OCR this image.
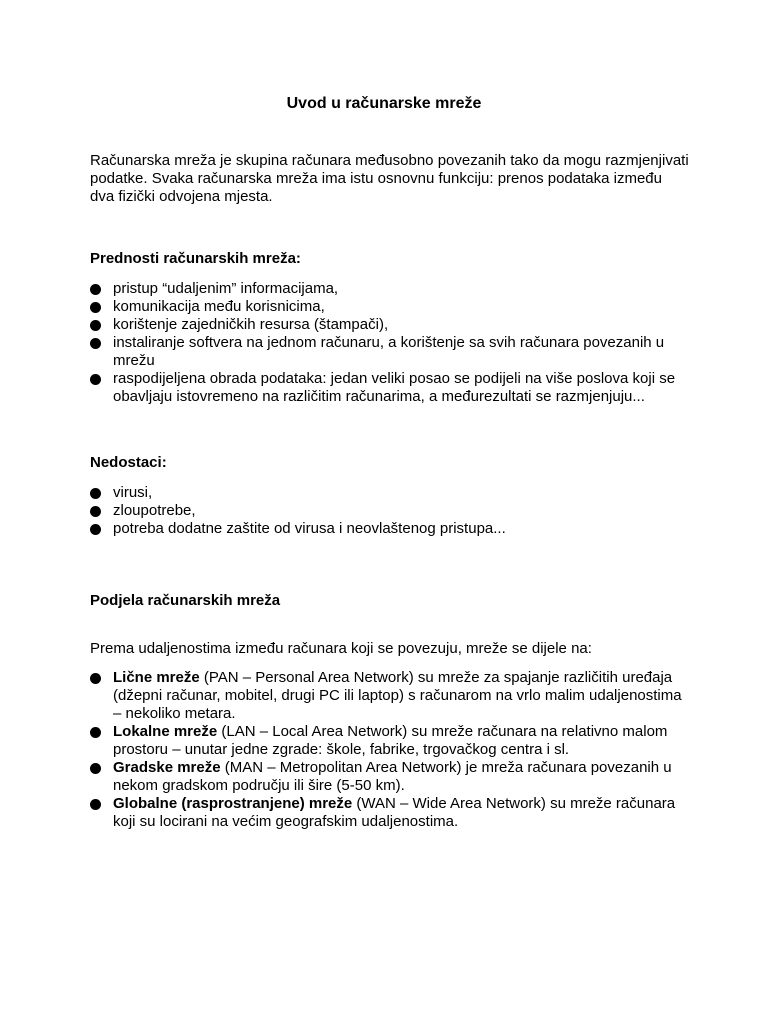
Uvod u računarske mreže

Računarska mreža je skupina računara međusobno povezanih tako da mogu razmjenjivati podatke. Svaka računarska mreža ima istu osnovnu funkciju: prenos podataka između dva fizički odvojena mjesta.

Prednosti računarskih mreža:

pristup “udaljenim” informacijama,
komunikacija među korisnicima,
korištenje zajedničkih resursa (štampači),
instaliranje softvera na jednom računaru, a korištenje sa svih računara povezanih u mrežu
raspodijeljena obrada podataka: jedan veliki posao se podijeli na više poslova koji se obavljaju istovremeno na različitim računarima, a međurezultati se razmjenjuju...

Nedostaci:

virusi,
zloupotrebe,
potreba dodatne zaštite od virusa i neovlaštenog pristupa...

Podjela računarskih mreža

Prema udaljenostima između računara koji se povezuju, mreže se dijele na:

Lične mreže (PAN – Personal Area Network) su mreže za spajanje različitih uređaja (džepni računar, mobitel, drugi PC ili laptop) s računarom na vrlo malim udaljenostima – nekoliko metara.
Lokalne mreže (LAN – Local Area Network) su mreže računara na relativno malom prostoru – unutar jedne zgrade: škole, fabrike, trgovačkog centra i sl.
Gradske mreže (MAN – Metropolitan Area Network) je mreža računara povezanih u nekom gradskom području ili šire (5-50 km).
Globalne (rasprostranjene) mreže (WAN – Wide Area Network) su mreže računara koji su locirani na većim geografskim udaljenostima.
